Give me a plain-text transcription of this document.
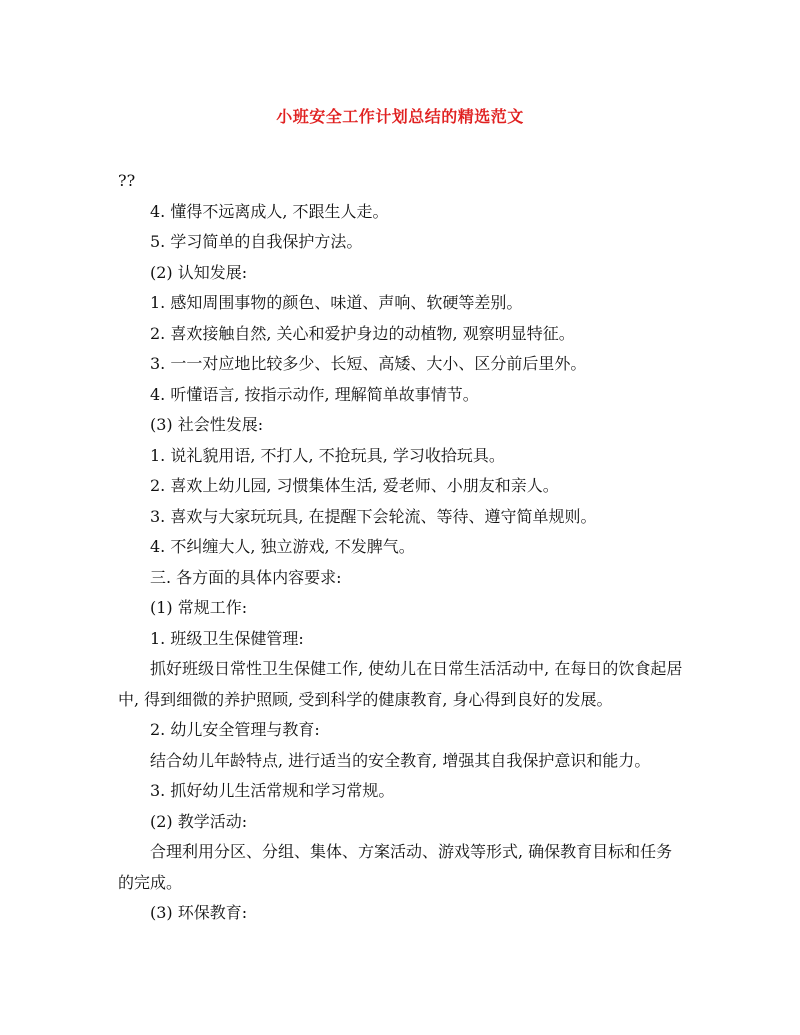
小班安全工作计划总结的精选范文

??

4. 懂得不远离成人, 不跟生人走。

5. 学习简单的自我保护方法。

(2) 认知发展:

1. 感知周围事物的颜色、味道、声响、软硬等差别。

2. 喜欢接触自然, 关心和爱护身边的动植物, 观察明显特征。

3. 一一对应地比较多少、长短、高矮、大小、区分前后里外。

4. 听懂语言, 按指示动作, 理解简单故事情节。

(3) 社会性发展:

1. 说礼貌用语, 不打人, 不抢玩具, 学习收拾玩具。

2. 喜欢上幼儿园, 习惯集体生活, 爱老师、小朋友和亲人。

3. 喜欢与大家玩玩具, 在提醒下会轮流、等待、遵守简单规则。

4. 不纠缠大人, 独立游戏, 不发脾气。

三. 各方面的具体内容要求:

(1) 常规工作:

1. 班级卫生保健管理:

抓好班级日常性卫生保健工作, 使幼儿在日常生活活动中, 在每日的饮食起居中, 得到细微的养护照顾, 受到科学的健康教育, 身心得到良好的发展。

2. 幼儿安全管理与教育:

结合幼儿年龄特点, 进行适当的安全教育, 增强其自我保护意识和能力。

3. 抓好幼儿生活常规和学习常规。

(2) 教学活动:

合理利用分区、分组、集体、方案活动、游戏等形式, 确保教育目标和任务的完成。

(3) 环保教育:
